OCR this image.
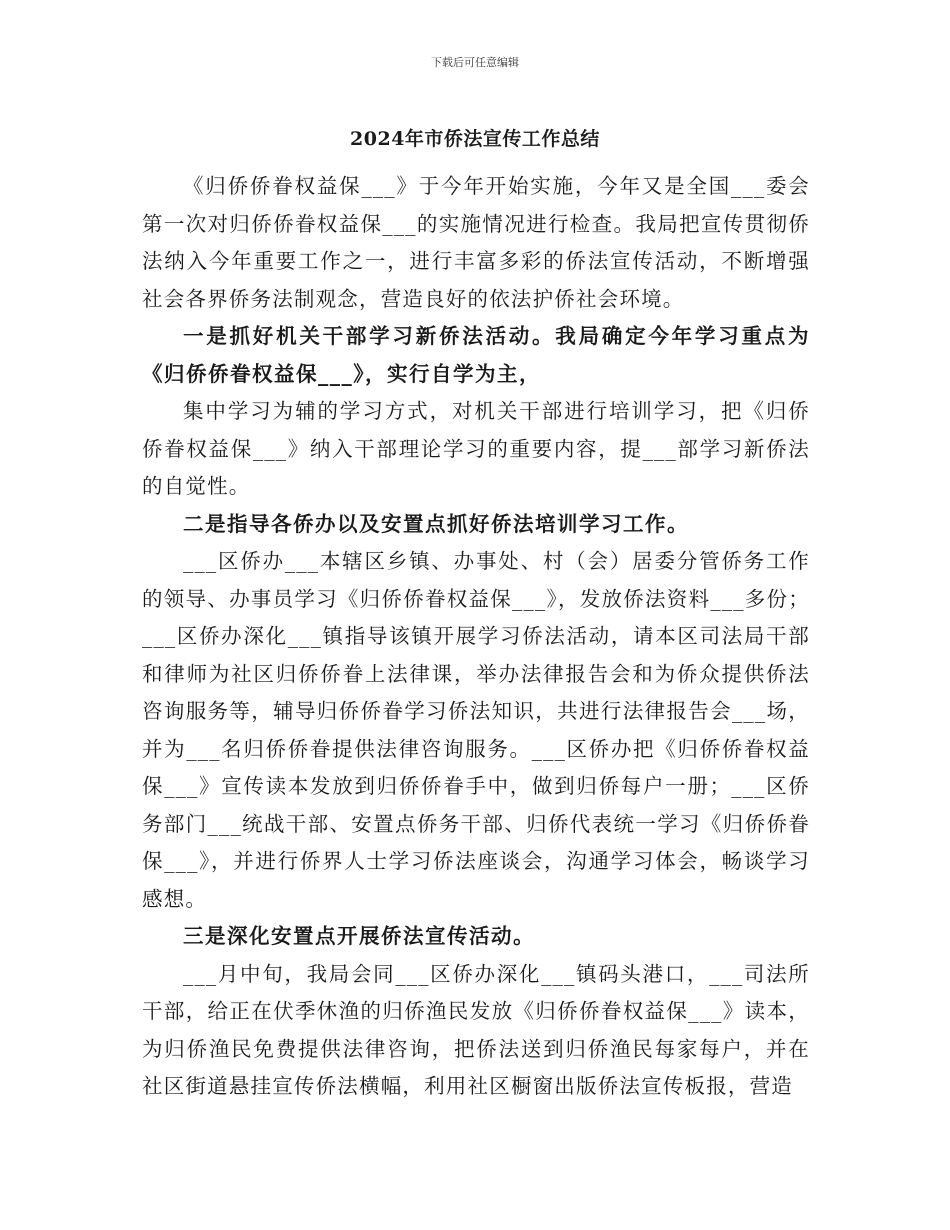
下载后可任意编辑
2024年市侨法宣传工作总结

《归侨侨眷权益保___》于今年开始实施，今年又是全国___委会第一次对归侨侨眷权益保___的实施情况进行检查。我局把宣传贯彻侨法纳入今年重要工作之一，进行丰富多彩的侨法宣传活动，不断增强社会各界侨务法制观念，营造良好的依法护侨社会环境。

一是抓好机关干部学习新侨法活动。我局确定今年学习重点为《归侨侨眷权益保___》，实行自学为主，

集中学习为辅的学习方式，对机关干部进行培训学习，把《归侨侨眷权益保___》纳入干部理论学习的重要内容，提___部学习新侨法的自觉性。

二是指导各侨办以及安置点抓好侨法培训学习工作。

___区侨办___本辖区乡镇、办事处、村（会）居委分管侨务工作的领导、办事员学习《归侨侨眷权益保___》，发放侨法资料___多份；___区侨办深化___镇指导该镇开展学习侨法活动，请本区司法局干部和律师为社区归侨侨眷上法律课，举办法律报告会和为侨众提供侨法咨询服务等，辅导归侨侨眷学习侨法知识，共进行法律报告会___场，并为___名归侨侨眷提供法律咨询服务。___区侨办把《归侨侨眷权益保___》宣传读本发放到归侨侨眷手中，做到归侨每户一册；___区侨务部门___统战干部、安置点侨务干部、归侨代表统一学习《归侨侨眷保___》，并进行侨界人士学习侨法座谈会，沟通学习体会，畅谈学习感想。

三是深化安置点开展侨法宣传活动。

___月中旬，我局会同___区侨办深化___镇码头港口，___司法所干部，给正在伏季休渔的归侨渔民发放《归侨侨眷权益保___》读本，为归侨渔民免费提供法律咨询，把侨法送到归侨渔民每家每户，并在社区街道悬挂宣传侨法横幅，利用社区橱窗出版侨法宣传板报，营造
